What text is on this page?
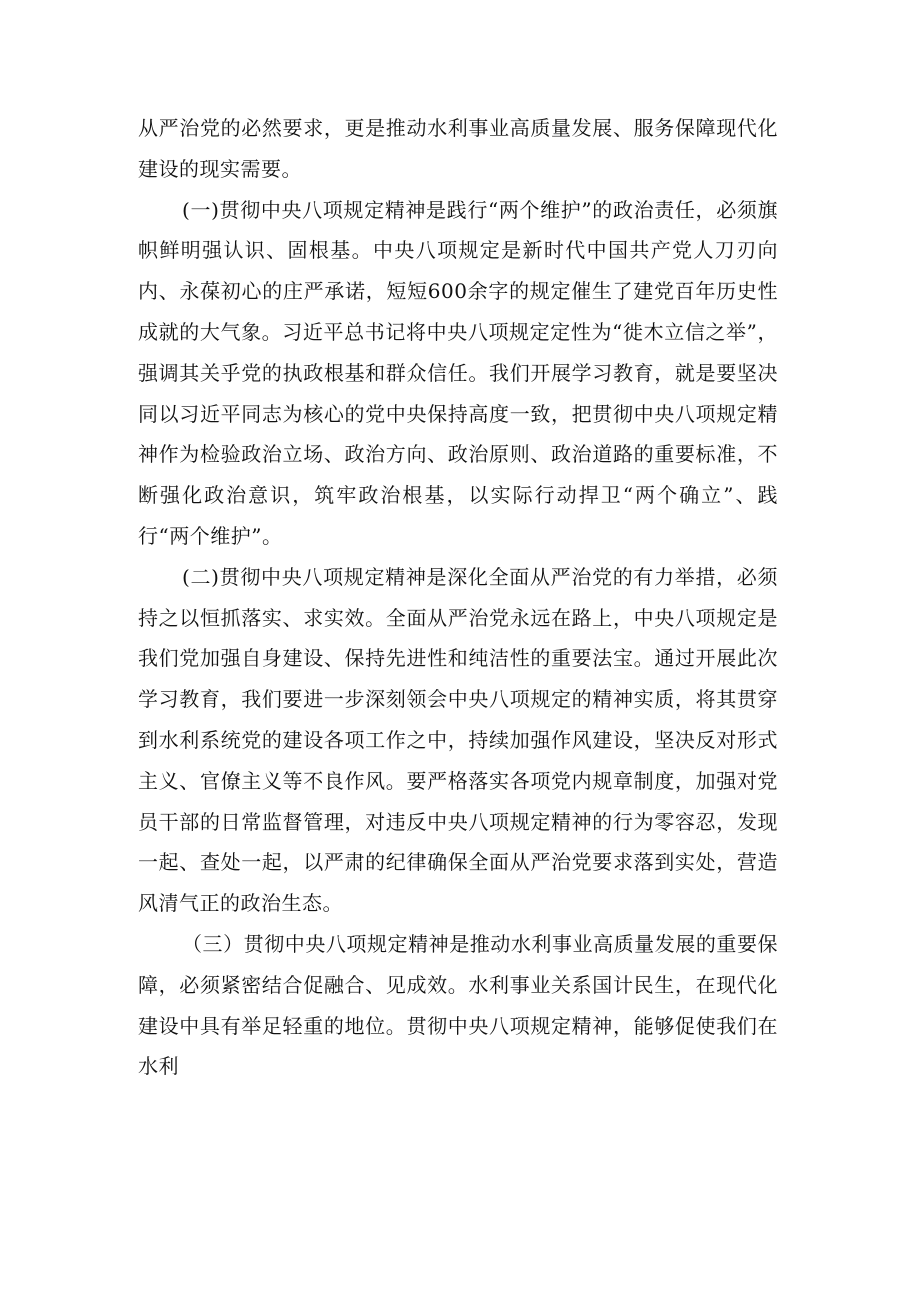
从严治党的必然要求，更是推动水利事业高质量发展、服务保障现代化建设的现实需要。

(一)贯彻中央八项规定精神是践行“两个维护”的政治责任，必须旗帜鲜明强认识、固根基。中央八项规定是新时代中国共产党人刀刃向内、永葆初心的庄严承诺，短短600余字的规定催生了建党百年历史性成就的大气象。习近平总书记将中央八项规定定性为“徙木立信之举”，强调其关乎党的执政根基和群众信任。我们开展学习教育，就是要坚决同以习近平同志为核心的党中央保持高度一致，把贯彻中央八项规定精神作为检验政治立场、政治方向、政治原则、政治道路的重要标准，不断强化政治意识，筑牢政治根基，以实际行动捍卫“两个确立”、践行“两个维护”。

(二)贯彻中央八项规定精神是深化全面从严治党的有力举措，必须持之以恒抓落实、求实效。全面从严治党永远在路上，中央八项规定是我们党加强自身建设、保持先进性和纯洁性的重要法宝。通过开展此次学习教育，我们要进一步深刻领会中央八项规定的精神实质，将其贯穿到水利系统党的建设各项工作之中，持续加强作风建设，坚决反对形式主义、官僚主义等不良作风。要严格落实各项党内规章制度，加强对党员干部的日常监督管理，对违反中央八项规定精神的行为零容忍，发现一起、查处一起，以严肃的纪律确保全面从严治党要求落到实处，营造风清气正的政治生态。

（三）贯彻中央八项规定精神是推动水利事业高质量发展的重要保障，必须紧密结合促融合、见成效。水利事业关系国计民生，在现代化建设中具有举足轻重的地位。贯彻中央八项规定精神，能够促使我们在水利
